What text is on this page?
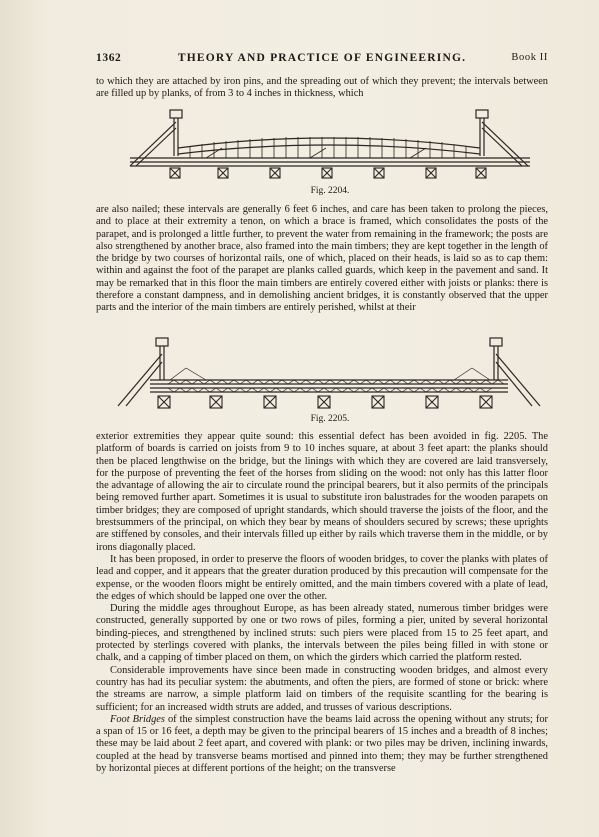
1362	THEORY AND PRACTICE OF ENGINEERING.	Book II

to which they are attached by iron pins, and the spreading out of which they prevent; the intervals between are filled up by planks, of from 3 to 4 inches in thickness, which

Fig. 2204.

are also nailed; these intervals are generally 6 feet 6 inches, and care has been taken to prolong the pieces, and to place at their extremity a tenon, on which a brace is framed, which consolidates the posts of the parapet, and is prolonged a little further, to prevent the water from remaining in the framework; the posts are also strengthened by another brace, also framed into the main timbers; they are kept together in the length of the bridge by two courses of horizontal rails, one of which, placed on their heads, is laid so as to cap them: within and against the foot of the parapet are planks called guards, which keep in the pavement and sand. It may be remarked that in this floor the main timbers are entirely covered either with joists or planks: there is therefore a constant dampness, and in demolishing ancient bridges, it is constantly observed that the upper parts and the interior of the main timbers are entirely perished, whilst at their

Fig. 2205.

exterior extremities they appear quite sound: this essential defect has been avoided in fig. 2205. The platform of boards is carried on joists from 9 to 10 inches square, at about 3 feet apart: the planks should then be placed lengthwise on the bridge, but the linings with which they are covered are laid transversely, for the purpose of preventing the feet of the horses from sliding on the wood: not only has this latter floor the advantage of allowing the air to circulate round the principal bearers, but it also permits of the principals being removed further apart. Sometimes it is usual to substitute iron balustrades for the wooden parapets on timber bridges; they are composed of upright standards, which should traverse the joists of the floor, and the brestsummers of the principal, on which they bear by means of shoulders secured by screws; these uprights are stiffened by consoles, and their intervals filled up either by rails which traverse them in the middle, or by irons diagonally placed.

It has been proposed, in order to preserve the floors of wooden bridges, to cover the planks with plates of lead and copper, and it appears that the greater duration produced by this precaution will compensate for the expense, or the wooden floors might be entirely omitted, and the main timbers covered with a plate of lead, the edges of which should be lapped one over the other.

During the middle ages throughout Europe, as has been already stated, numerous timber bridges were constructed, generally supported by one or two rows of piles, forming a pier, united by several horizontal binding-pieces, and strengthened by inclined struts: such piers were placed from 15 to 25 feet apart, and protected by sterlings covered with planks, the intervals between the piles being filled in with stone or chalk, and a capping of timber placed on them, on which the girders which carried the platform rested.

Considerable improvements have since been made in constructing wooden bridges, and almost every country has had its peculiar system: the abutments, and often the piers, are formed of stone or brick: where the streams are narrow, a simple platform laid on timbers of the requisite scantling for the bearing is sufficient; for an increased width struts are added, and trusses of various descriptions.

Foot Bridges of the simplest construction have the beams laid across the opening without any struts; for a span of 15 or 16 feet, a depth may be given to the principal bearers of 15 inches and a breadth of 8 inches; these may be laid about 2 feet apart, and covered with plank: or two piles may be driven, inclining inwards, coupled at the head by transverse beams mortised and pinned into them; they may be further strengthened by horizontal pieces at different portions of the height; on the transverse
